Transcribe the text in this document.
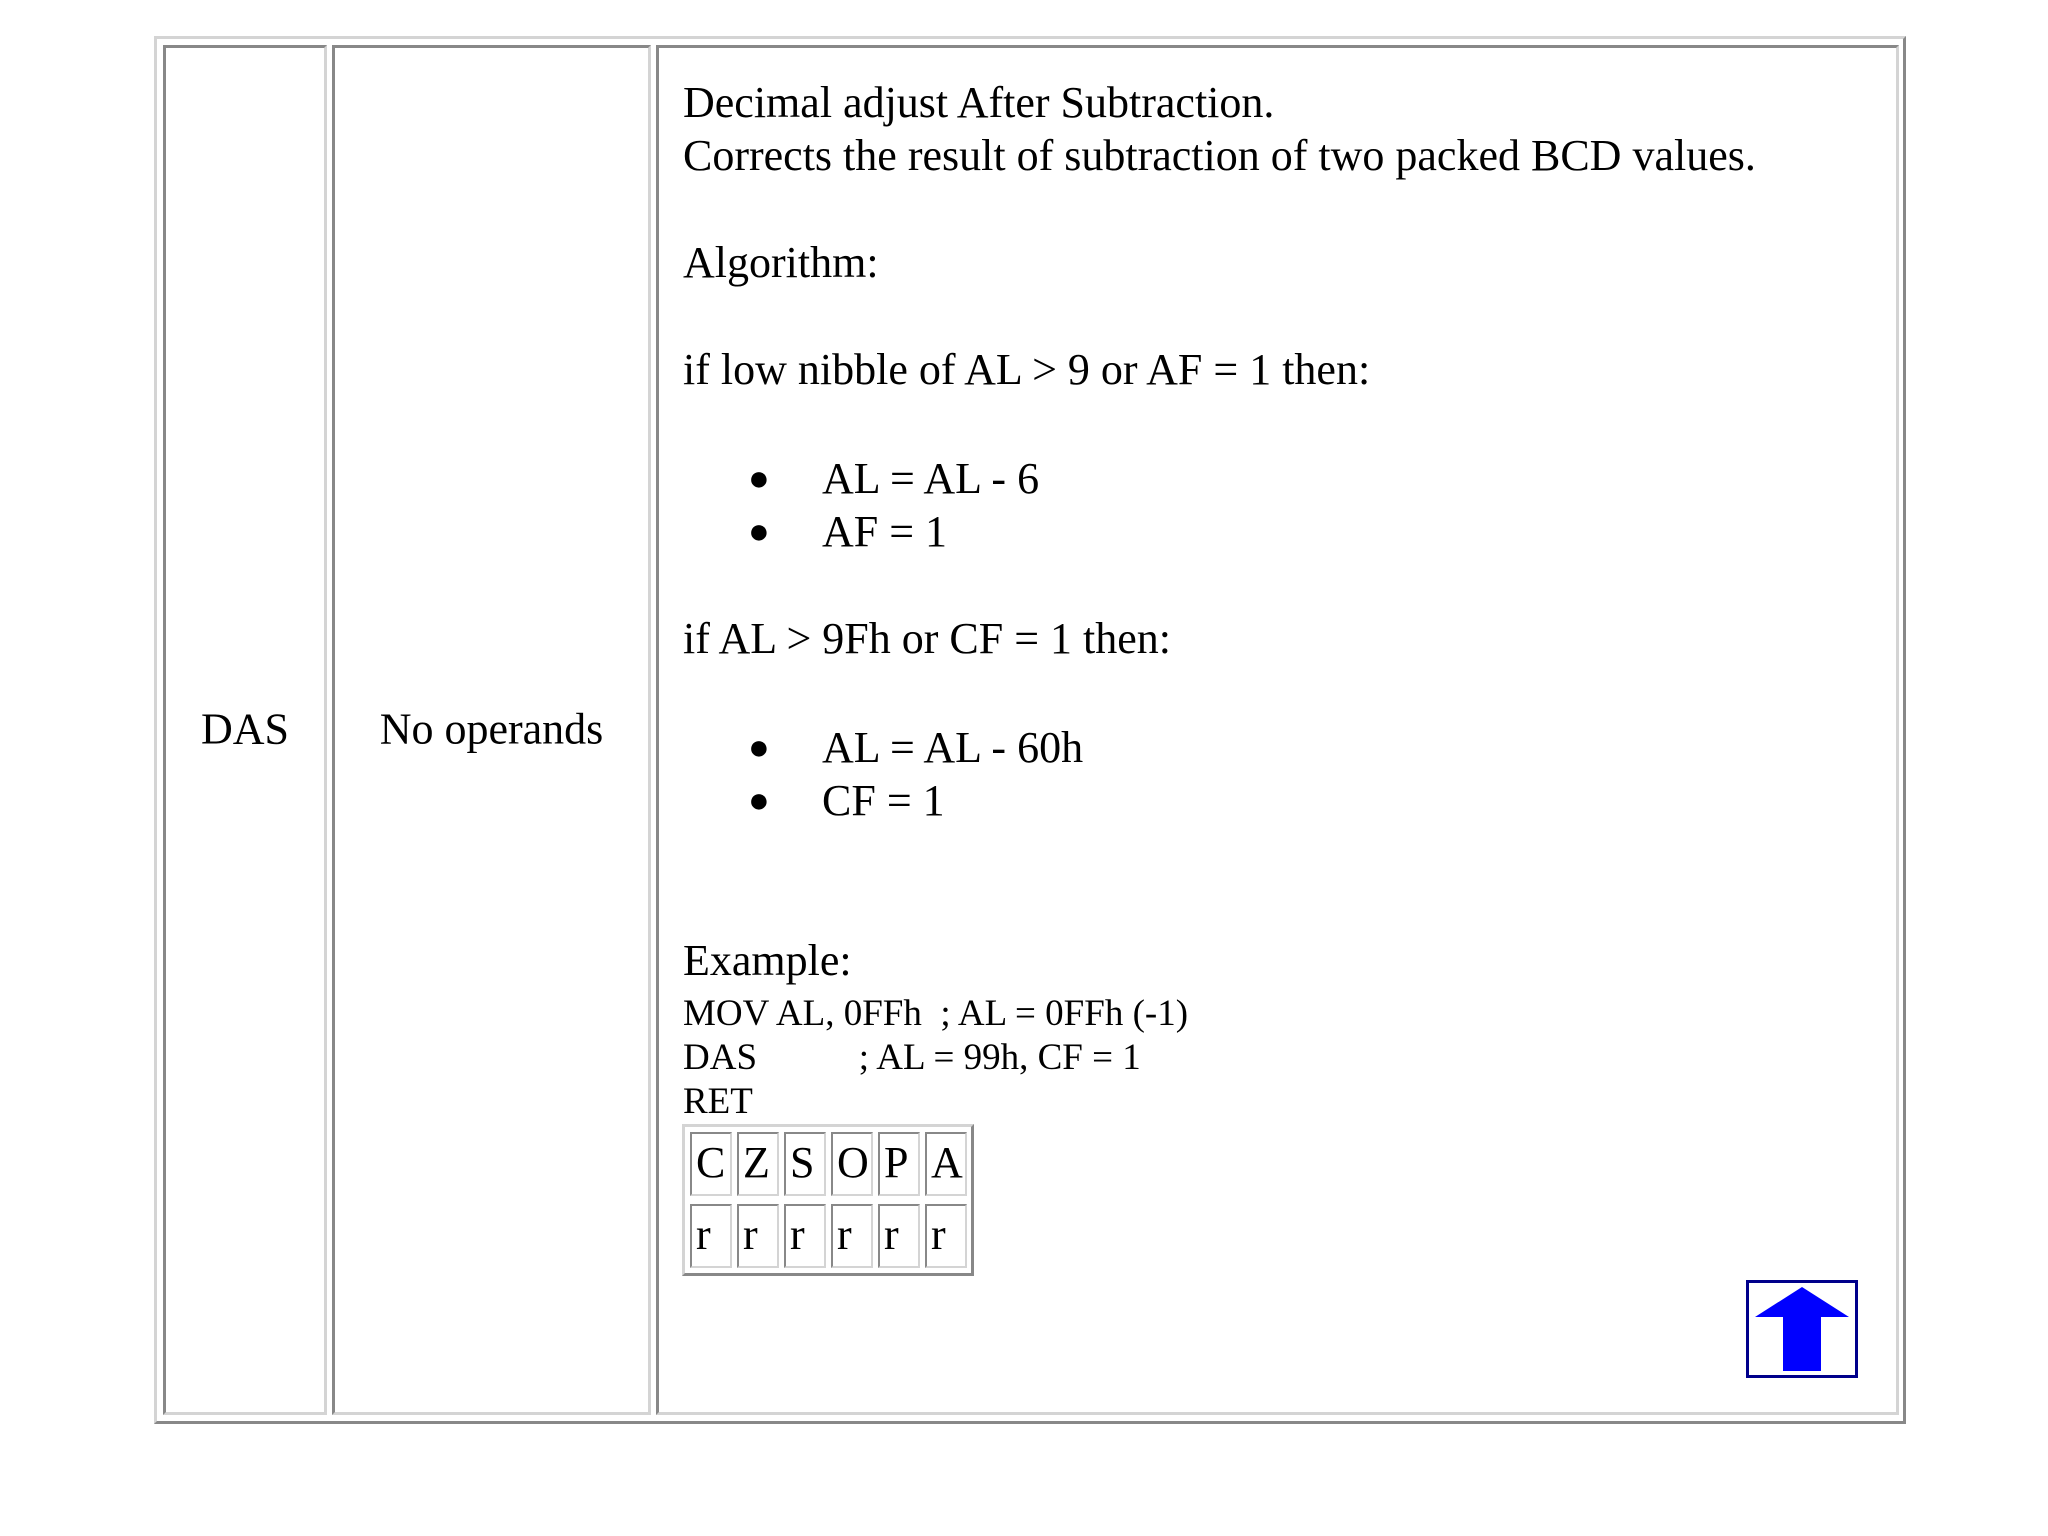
DAS	No operands
Decimal adjust After Subtraction.
Corrects the result of subtraction of two packed BCD values.
Algorithm:
if low nibble of AL > 9 or AF = 1 then:
● AL = AL - 6
● AF = 1
if AL > 9Fh or CF = 1 then:
● AL = AL - 60h
● CF = 1
Example:
MOV AL, 0FFh  ; AL = 0FFh (-1)
DAS           ; AL = 99h, CF = 1
RET
C Z S O P A
r r r r r r
